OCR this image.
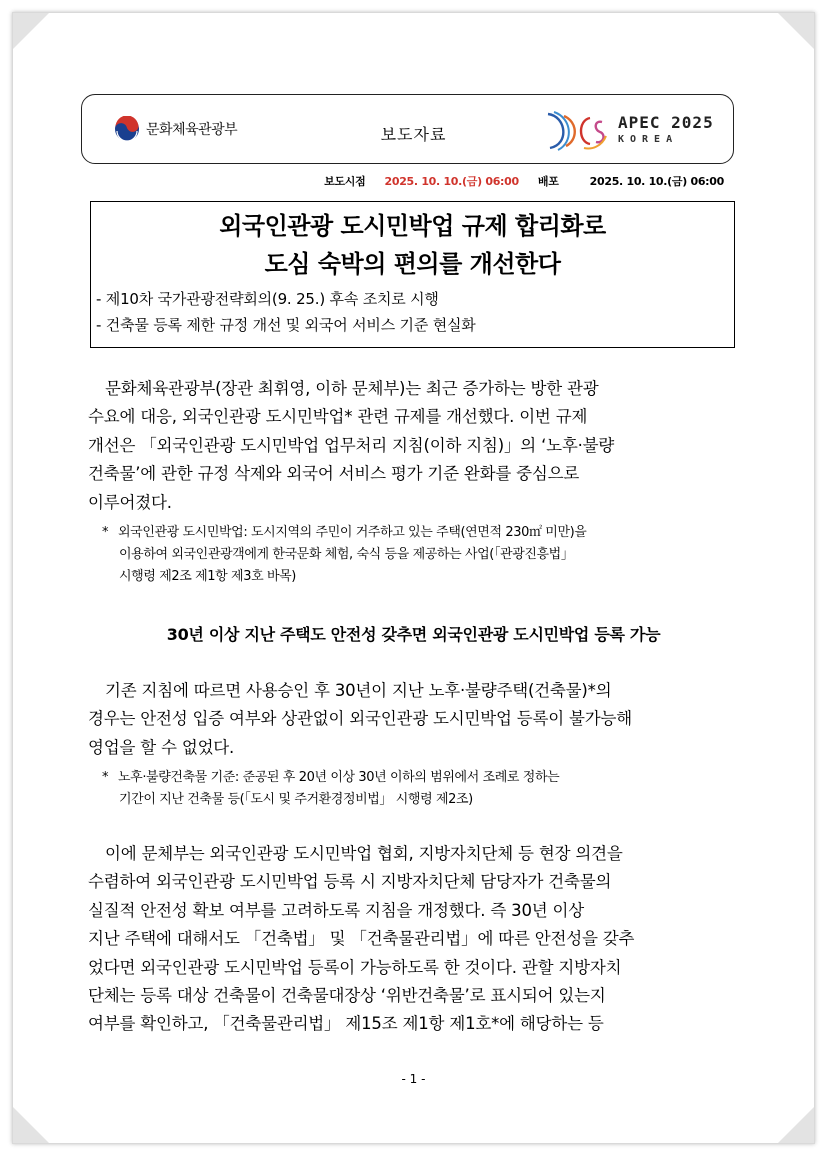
문화체육관광부	보도자료
APEC 2025
KOREA
보도시점 2025. 10. 10.(금) 06:00 배포	2025. 10. 10.(금) 06:00
외국인관광 도시민박업 규제 합리화로
도심 숙박의 편의를 개선한다
- 제10차 국가관광전략회의(9. 25.) 후속 조치로 시행
- 건축물 등록 제한 규정 개선 및 외국어 서비스 기준 현실화
문화체육관광부(장관 최휘영, 이하 문체부)는 최근 증가하는 방한 관광
수요에 대응, 외국인관광 도시민박업* 관련 규제를 개선했다. 이번 규제
개선은 「외국인관광 도시민박업 업무처리 지침(이하 지침)」의 ‘노후·불량
건축물’에 관한 규정 삭제와 외국어 서비스 평가 기준 완화를 중심으로
이루어졌다.
* 외국인관광 도시민박업: 도시지역의 주민이 거주하고 있는 주택(연면적 230㎡ 미만)을
이용하여 외국인관광객에게 한국문화 체험, 숙식 등을 제공하는 사업(「관광진흥법」
시행령 제2조 제1항 제3호 바목)
30년 이상 지난 주택도 안전성 갖추면 외국인관광 도시민박업 등록 가능
기존 지침에 따르면 사용승인 후 30년이 지난 노후·불량주택(건축물)*의
경우는 안전성 입증 여부와 상관없이 외국인관광 도시민박업 등록이 불가능해
영업을 할 수 없었다.
* 노후·불량건축물 기준: 준공된 후 20년 이상 30년 이하의 범위에서 조례로 정하는
기간이 지난 건축물 등(「도시 및 주거환경정비법」 시행령 제2조)
이에 문체부는 외국인관광 도시민박업 협회, 지방자치단체 등 현장 의견을
수렴하여 외국인관광 도시민박업 등록 시 지방자치단체 담당자가 건축물의
실질적 안전성 확보 여부를 고려하도록 지침을 개정했다. 즉 30년 이상
지난 주택에 대해서도 「건축법」 및 「건축물관리법」에 따른 안전성을 갖추
었다면 외국인관광 도시민박업 등록이 가능하도록 한 것이다. 관할 지방자치
단체는 등록 대상 건축물이 건축물대장상 ‘위반건축물’로 표시되어 있는지
여부를 확인하고, 「건축물관리법」 제15조 제1항 제1호*에 해당하는 등
- 1 -
